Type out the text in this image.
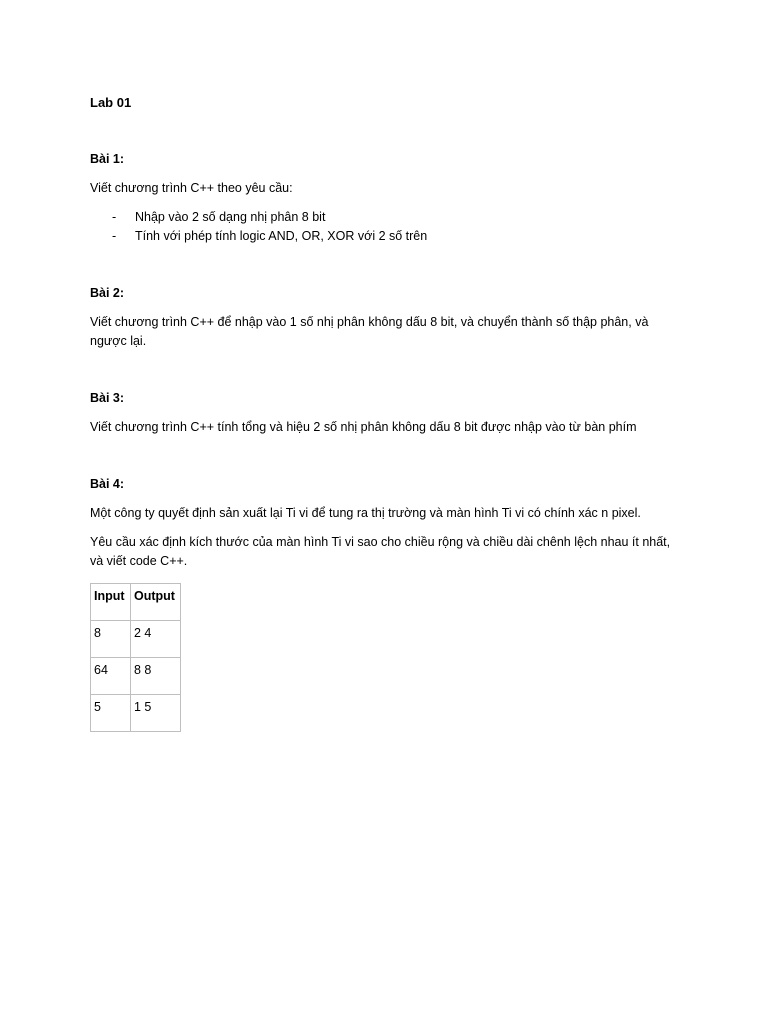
Lab 01
Bài 1:

Viết chương trình C++ theo yêu cầu:

- Nhập vào 2 số dạng nhị phân 8 bit
- Tính với phép tính logic AND, OR, XOR với 2 số trên
Bài 2:

Viết chương trình C++ để nhập vào 1 số nhị phân không dấu 8 bit, và chuyển thành số thập phân, và ngược lại.

Bài 3:

Viết chương trình C++ tính tổng và hiệu 2 số nhị phân không dấu 8 bit được nhập vào từ bàn phím

Bài 4:

Một công ty quyết định sản xuất lại Ti vi để tung ra thị trường và màn hình Ti vi có chính xác n pixel.

Yêu cầu xác định kích thước của màn hình Ti vi sao cho chiều rộng và chiều dài chênh lệch nhau ít nhất, và viết code C++.

Input	Output
8	2 4
64	8 8
5	1 5
